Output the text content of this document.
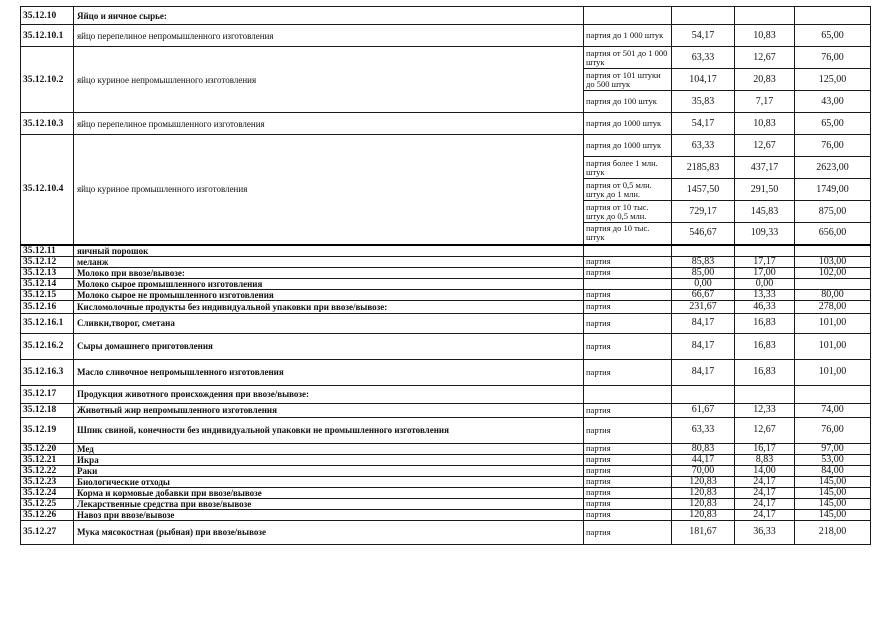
35.12.10	Яйцо и яичное сырье:				
35.12.10.1	яйцо перепелиное непромышленного изготовления	партия до 1 000 штук	54,17	10,83	65,00
35.12.10.2	яйцо куриное непромышленного изготовления	партия от 501 до 1 000 штук	63,33	12,67	76,00
		партия от 101 штуки до 500 штук	104,17	20,83	125,00
		партия до 100 штук	35,83	7,17	43,00
35.12.10.3	яйцо перепелиное промышленного изготовления	партия до 1000 штук	54,17	10,83	65,00
35.12.10.4	яйцо куриное промышленного изготовления	партия до 1000 штук	63,33	12,67	76,00
		партия более 1 млн. штук	2185,83	437,17	2623,00
		партия от 0,5 млн. штук до 1 млн.	1457,50	291,50	1749,00
		партия от 10 тыс. штук до 0,5 млн.	729,17	145,83	875,00
		партия до 10 тыс. штук	546,67	109,33	656,00
35.12.11	яичный порошок				
35.12.12	меланж	партия	85,83	17,17	103,00
35.12.13	Молоко при ввозе/вывозе:	партия	85,00	17,00	102,00
35.12.14	Молоко сырое промышленного изготовления		0,00	0,00	
35.12.15	Молоко сырое не промышленного изготовления	партия	66,67	13,33	80,00
35.12.16	Кисломолочные продукты без индивидуальной упаковки при ввозе/вывозе:	партия	231,67	46,33	278,00
35.12.16.1	Сливки,творог, сметана	партия	84,17	16,83	101,00
35.12.16.2	Сыры домашнего приготовления	партия	84,17	16,83	101,00
35.12.16.3	Масло сливочное непромышленного изготовления	партия	84,17	16,83	101,00
35.12.17	Продукция животного происхождения при ввозе/вывозе:				
35.12.18	Животный жир непромышленного изготовления	партия	61,67	12,33	74,00
35.12.19	Шпик свиной, конечности без индивидуальной упаковки не промышленного изготовления	партия	63,33	12,67	76,00
35.12.20	Мед	партия	80,83	16,17	97,00
35.12.21	Икра	партия	44,17	8,83	53,00
35.12.22	Раки	партия	70,00	14,00	84,00
35.12.23	Биологические отходы	партия	120,83	24,17	145,00
35.12.24	Корма и кормовые добавки при ввозе/вывозе	партия	120,83	24,17	145,00
35.12.25	Лекарственные средства при ввозе/вывозе	партия	120,83	24,17	145,00
35.12.26	Навоз при ввозе/вывозе	партия	120,83	24,17	145,00
35.12.27	Мука мясокостная (рыбная) при ввозе/вывозе	партия	181,67	36,33	218,00
